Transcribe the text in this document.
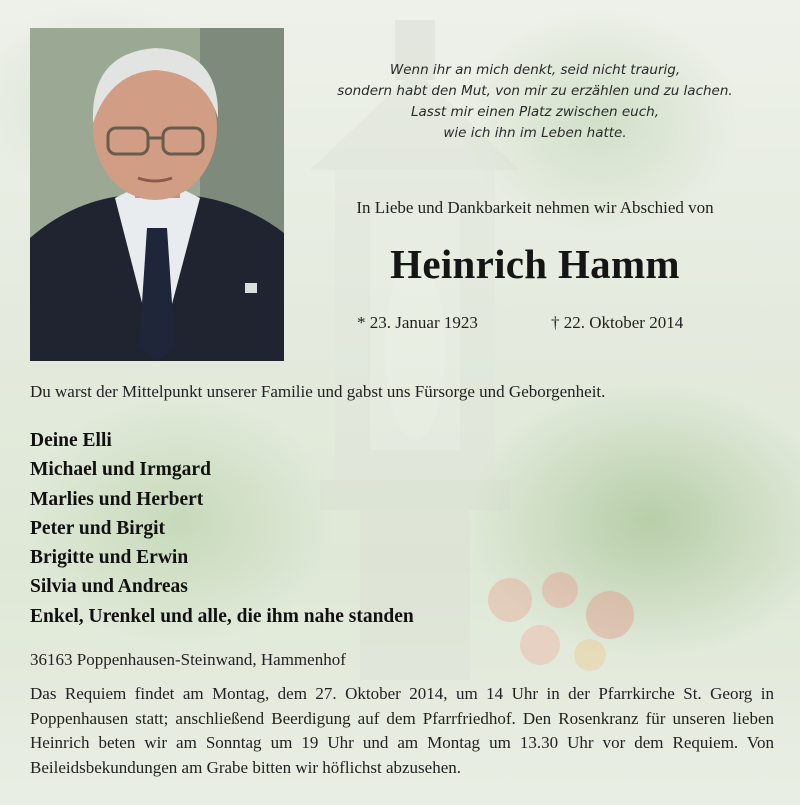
Wenn ihr an mich denkt, seid nicht traurig,
sondern habt den Mut, von mir zu erzählen und zu lachen.
Lasst mir einen Platz zwischen euch,
wie ich ihn im Leben hatte.
In Liebe und Dankbarkeit nehmen wir Abschied von
Heinrich Hamm
* 23. Januar 1923	† 22. Oktober 2014
Du warst der Mittelpunkt unserer Familie und gabst uns Fürsorge und Geborgenheit.
Deine Elli
Michael und Irmgard
Marlies und Herbert
Peter und Birgit
Brigitte und Erwin
Silvia und Andreas
Enkel, Urenkel und alle, die ihm nahe standen
36163 Poppenhausen-Steinwand, Hammenhof
Das Requiem findet am Montag, dem 27. Oktober 2014, um 14 Uhr in der Pfarrkirche St. Georg in Poppenhausen statt; anschließend Beerdigung auf dem Pfarrfriedhof. Den Rosenkranz für unseren lieben Heinrich beten wir am Sonntag um 19 Uhr und am Montag um 13.30 Uhr vor dem Requiem. Von Beileidsbekundungen am Grabe bitten wir höflichst abzusehen.
